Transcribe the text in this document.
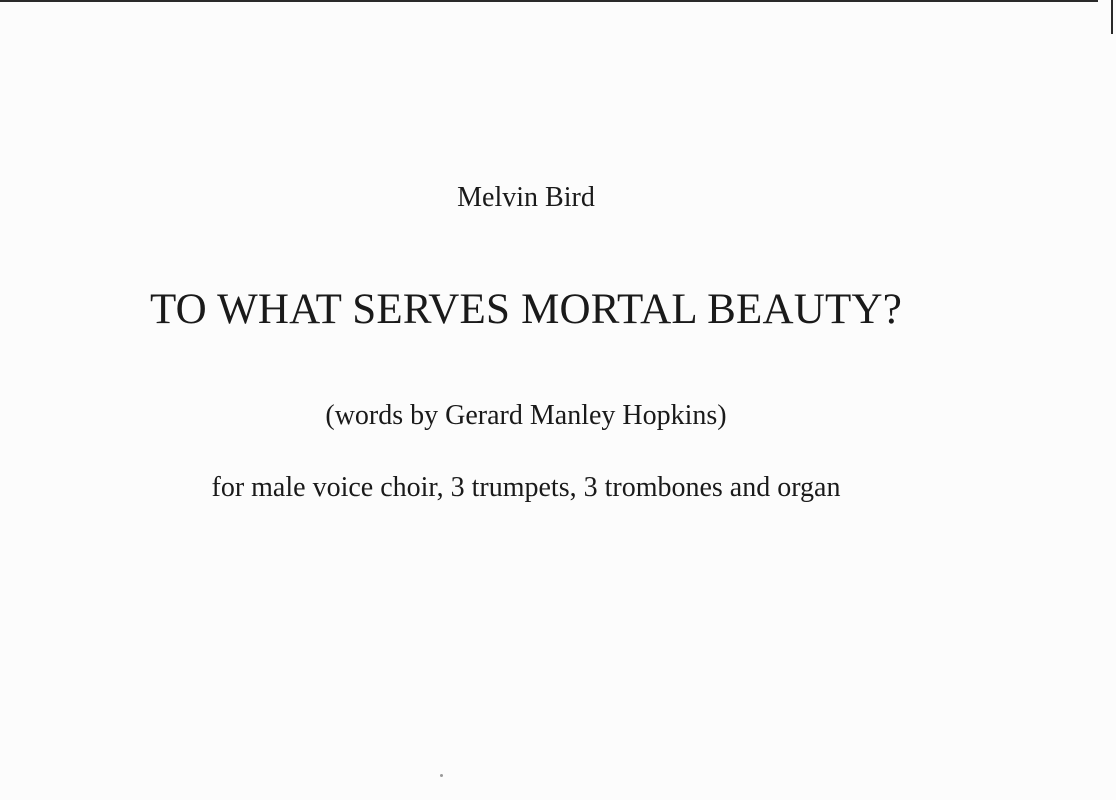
Melvin Bird
TO WHAT SERVES MORTAL BEAUTY?
(words by Gerard Manley Hopkins)
for male voice choir, 3 trumpets, 3 trombones and organ
